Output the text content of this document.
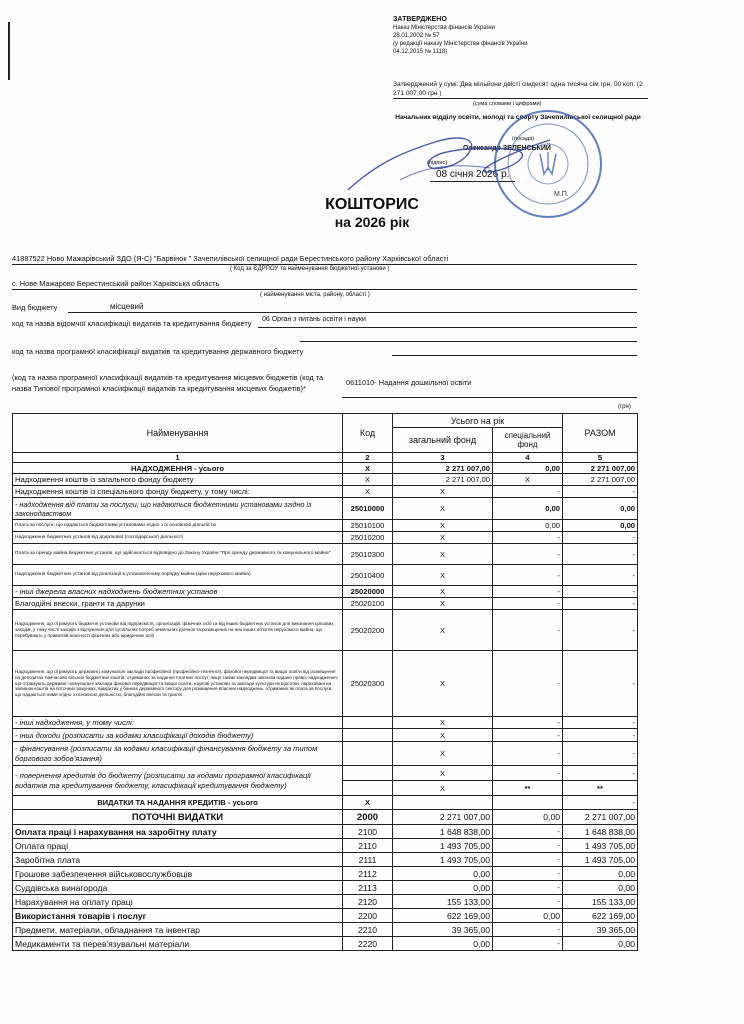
ЗАТВЕРДЖЕНО
Наказ Міністерства фінансів України
28.01.2002 № 57
(у редакції наказу Міністерства фінансів України
04.12.2015 № 1118)
Затверджений у сумі: Два мільйони двісті сімдесят одна тисяча сім грн. 00 коп. (2 271 007,00 грн )
(сума словами і цифрами)
Начальник відділу освіти, молоді та спорту Зачепилівської селищної ради
(посада)
Олександр ЗЕЛЕНСЬКИЙ
(підпис)
08 січня 2026 р.
М.П.
КОШТОРИС
на 2026 рік
41887522 Ново Мажарівський ЗДО (Я-С) "Барвінок " Зачепилівської селищної ради Берестинського району Харківської області
( Код за ЄДРПОУ та найменування бюджетної установи )
с. Нове Мажарово Берестинський район Харківська область
( найменування міста, району, області )
Вид бюджету	місцевий
код та назва відомчої класифікації видатків та кредитування бюджету 06 Орган з питань освіти і науки
код та назва програмної класифікації видатків та кредитування державного бюджету
(код та назва програмної класифікації видатків та кредитування місцевих бюджетів (код та назва Типової програмної класифікації видатків та кредитування місцевих бюджетів)*
0611010- Надання дошкільної освіти
(грн)
Найменування	Код	Усього на рік		РАЗОМ
		загальний фонд	спеціальний фонд	
1	2	3	4	5
НАДХОДЖЕННЯ - усього	Х	2 271 007,00	0,00	2 271 007,00
Надходження коштів із загального фонду бюджету	Х	2 271 007,00	Х	2 271 007,00
Надходження коштів із спеціального фонду бюджету, у тому числі:	Х	Х	-	-
- надходження від плати за послуги, що надаються бюджетними установами згідно із законодавством	25010000	Х	0,00	0,00
Плата за послуги, що надаються бюджетними установами згідно з їх основною діяльністю	25010100	Х	0,00	0,00
Надходження бюджетних установ від додаткової (господарської) діяльності	25010200	Х	-	-
Плата за оренду майна бюджетних установ, що здійснюється відповідно до Закону України "Про оренду державного та комунального майна"	25010300	Х	-	-
Надходження бюджетних установ від реалізації в установленому порядку майна (крім нерухомого майна)	25010400	Х	-	-
- інші джерела власних надходжень бюджетних установ	25020000	Х	-	-
Благодійні внески, гранти та дарунки	25020100	Х	-	-
Надходження, що отримують бюджетні установи від підприємств, організацій, фізичних осіб та від інших бюджетних установ для виконання цільових заходів, у тому числі заходів з відчуження для суспільних потреб земельних ділянок та розміщених на них інших об'єктів нерухомого майна, що перебувають у приватній власності фізичних або юридичних осіб	25020200	Х	-	-
Надходження, що отримують державні і комунальні заклади професійної (професійно-технічної), фахової передвищої та вищої освіти від розміщення на депозитах тимчасово вільних бюджетних коштів, отриманих за надання платних послуг, якщо таким закладам законом надано право, надходження, що отримують державні і комунальні заклади фахової передвищої та вищої освіти, наукові установи та заклади культури як відсотки, нараховані на залишок коштів на поточних рахунках, відкритих у банках державного сектору для розміщення власних надходжень, отриманих як плата за послуги, що надаються ними згідно з основною діяльністю, благодійні внески та гранти	25020300	Х	-	-
- інші надходження, у тому числі:		Х	-	-
- інші доходи (розписати за кодами класифікації доходів бюджету)		Х	-	-
- фінансування (розписати за кодами класифікації фінансування бюджету за типом боргового зобов'язання)		Х	-	-
- повернення кредитів до бюджету (розписати за кодами програмної класифікації видатків та кредитування бюджету, класифікації кредитування бюджету)		Х	-	-
		Х	**	**
ВИДАТКИ ТА НАДАННЯ КРЕДИТІВ - усього	Х			-
ПОТОЧНІ ВИДАТКИ	2000	2 271 007,00	0,00	2 271 007,00
Оплата праці і нарахування на заробітну плату	2100	1 648 838,00	-	1 648 838,00
Оплата праці	2110	1 493 705,00	-	1 493 705,00
Заробітна плата	2111	1 493 705,00	-	1 493 705,00
Грошове забезпечення військовослужбовців	2112	0,00	-	0,00
Суддівська винагорода	2113	0,00	-	0,00
Нарахування на оплату праці	2120	155 133,00	-	155 133,00
Використання товарів і послуг	2200	622 169,00	0,00	622 169,00
Предмети, матеріали, обладнання та інвентар	2210	39 365,00	-	39 365,00
Медикаменти та перев'язувальні матеріали	2220	0,00	-	0,00
